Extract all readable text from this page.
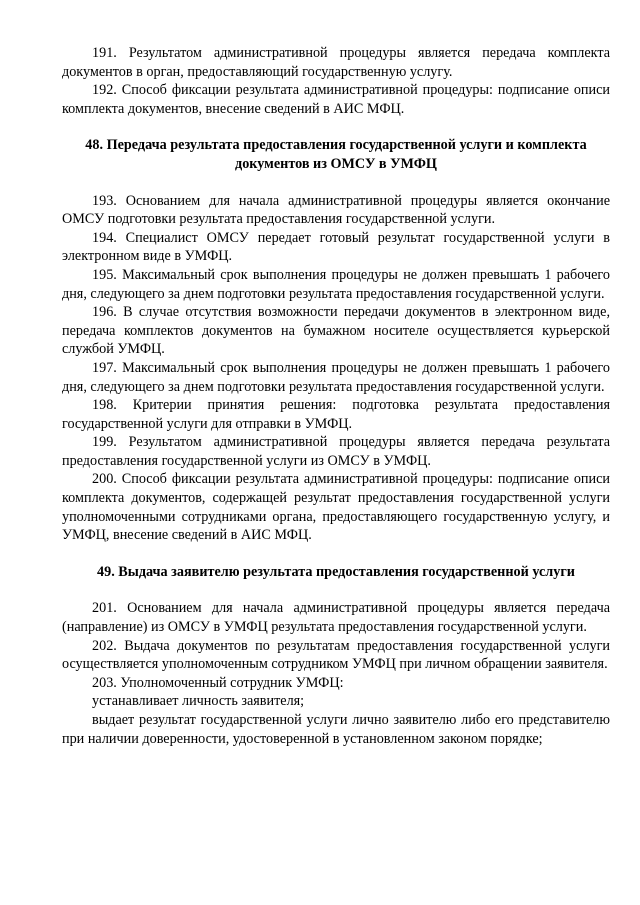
191. Результатом административной процедуры является передача комплекта документов в орган, предоставляющий государственную услугу.

192. Способ фиксации результата административной процедуры: подписание описи комплекта документов, внесение сведений в АИС МФЦ.

48. Передача результата предоставления государственной услуги и комплекта документов из ОМСУ в УМФЦ

193. Основанием для начала административной процедуры является окончание ОМСУ подготовки результата предоставления государственной услуги.

194. Специалист ОМСУ передает готовый результат государственной услуги в электронном виде в УМФЦ.

195. Максимальный срок выполнения процедуры не должен превышать 1 рабочего дня, следующего за днем подготовки результата предоставления государственной услуги.

196. В случае отсутствия возможности передачи документов в электронном виде, передача комплектов документов на бумажном носителе осуществляется курьерской службой УМФЦ.

197. Максимальный срок выполнения процедуры не должен превышать 1 рабочего дня, следующего за днем подготовки результата предоставления государственной услуги.

198. Критерии принятия решения: подготовка результата предоставления государственной услуги для отправки в УМФЦ.

199. Результатом административной процедуры является передача результата предоставления государственной услуги из ОМСУ в УМФЦ.

200. Способ фиксации результата административной процедуры: подписание описи комплекта документов, содержащей результат предоставления государственной услуги уполномоченными сотрудниками органа, предоставляющего государственную услугу, и УМФЦ, внесение сведений в АИС МФЦ.

49. Выдача заявителю результата предоставления государственной услуги

201. Основанием для начала административной процедуры является передача (направление) из ОМСУ в УМФЦ результата предоставления государственной услуги.

202. Выдача документов по результатам предоставления государственной услуги осуществляется уполномоченным сотрудником УМФЦ при личном обращении заявителя.

203. Уполномоченный сотрудник УМФЦ:

устанавливает личность заявителя;

выдает результат государственной услуги лично заявителю либо его представителю при наличии доверенности, удостоверенной в установленном законом порядке;
